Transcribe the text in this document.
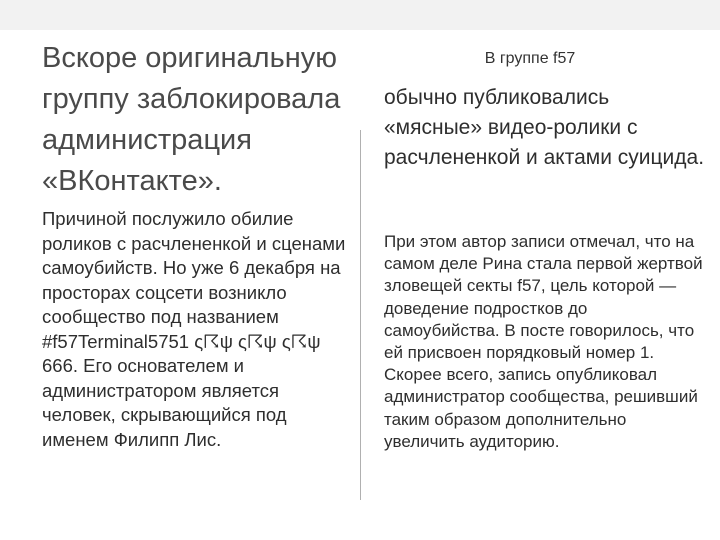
Вскоре оригинальную группу заблокировала администрация «ВКонтакте».

Причиной послужило обилие роликов с расчлененкой и сценами самоубийств. Но уже 6 декабря на просторах соцсети возникло сообщество под названием #f57Terminal5751 ς☈ψ ς☈ψ ς☈ψ 666. Его основателем и администратором является человек, скрывающийся под именем Филипп Лис.

В группе f57

обычно публиковались «мясные» видео-ролики с расчлененкой и актами суицида.

При этом автор записи отмечал, что на самом деле Рина стала первой жертвой зловещей секты f57, цель которой — доведение подростков до самоубийства. В посте говорилось, что ей присвоен порядковый номер 1. Скорее всего, запись опубликовал администратор сообщества, решивший таким образом дополнительно увеличить аудиторию.
